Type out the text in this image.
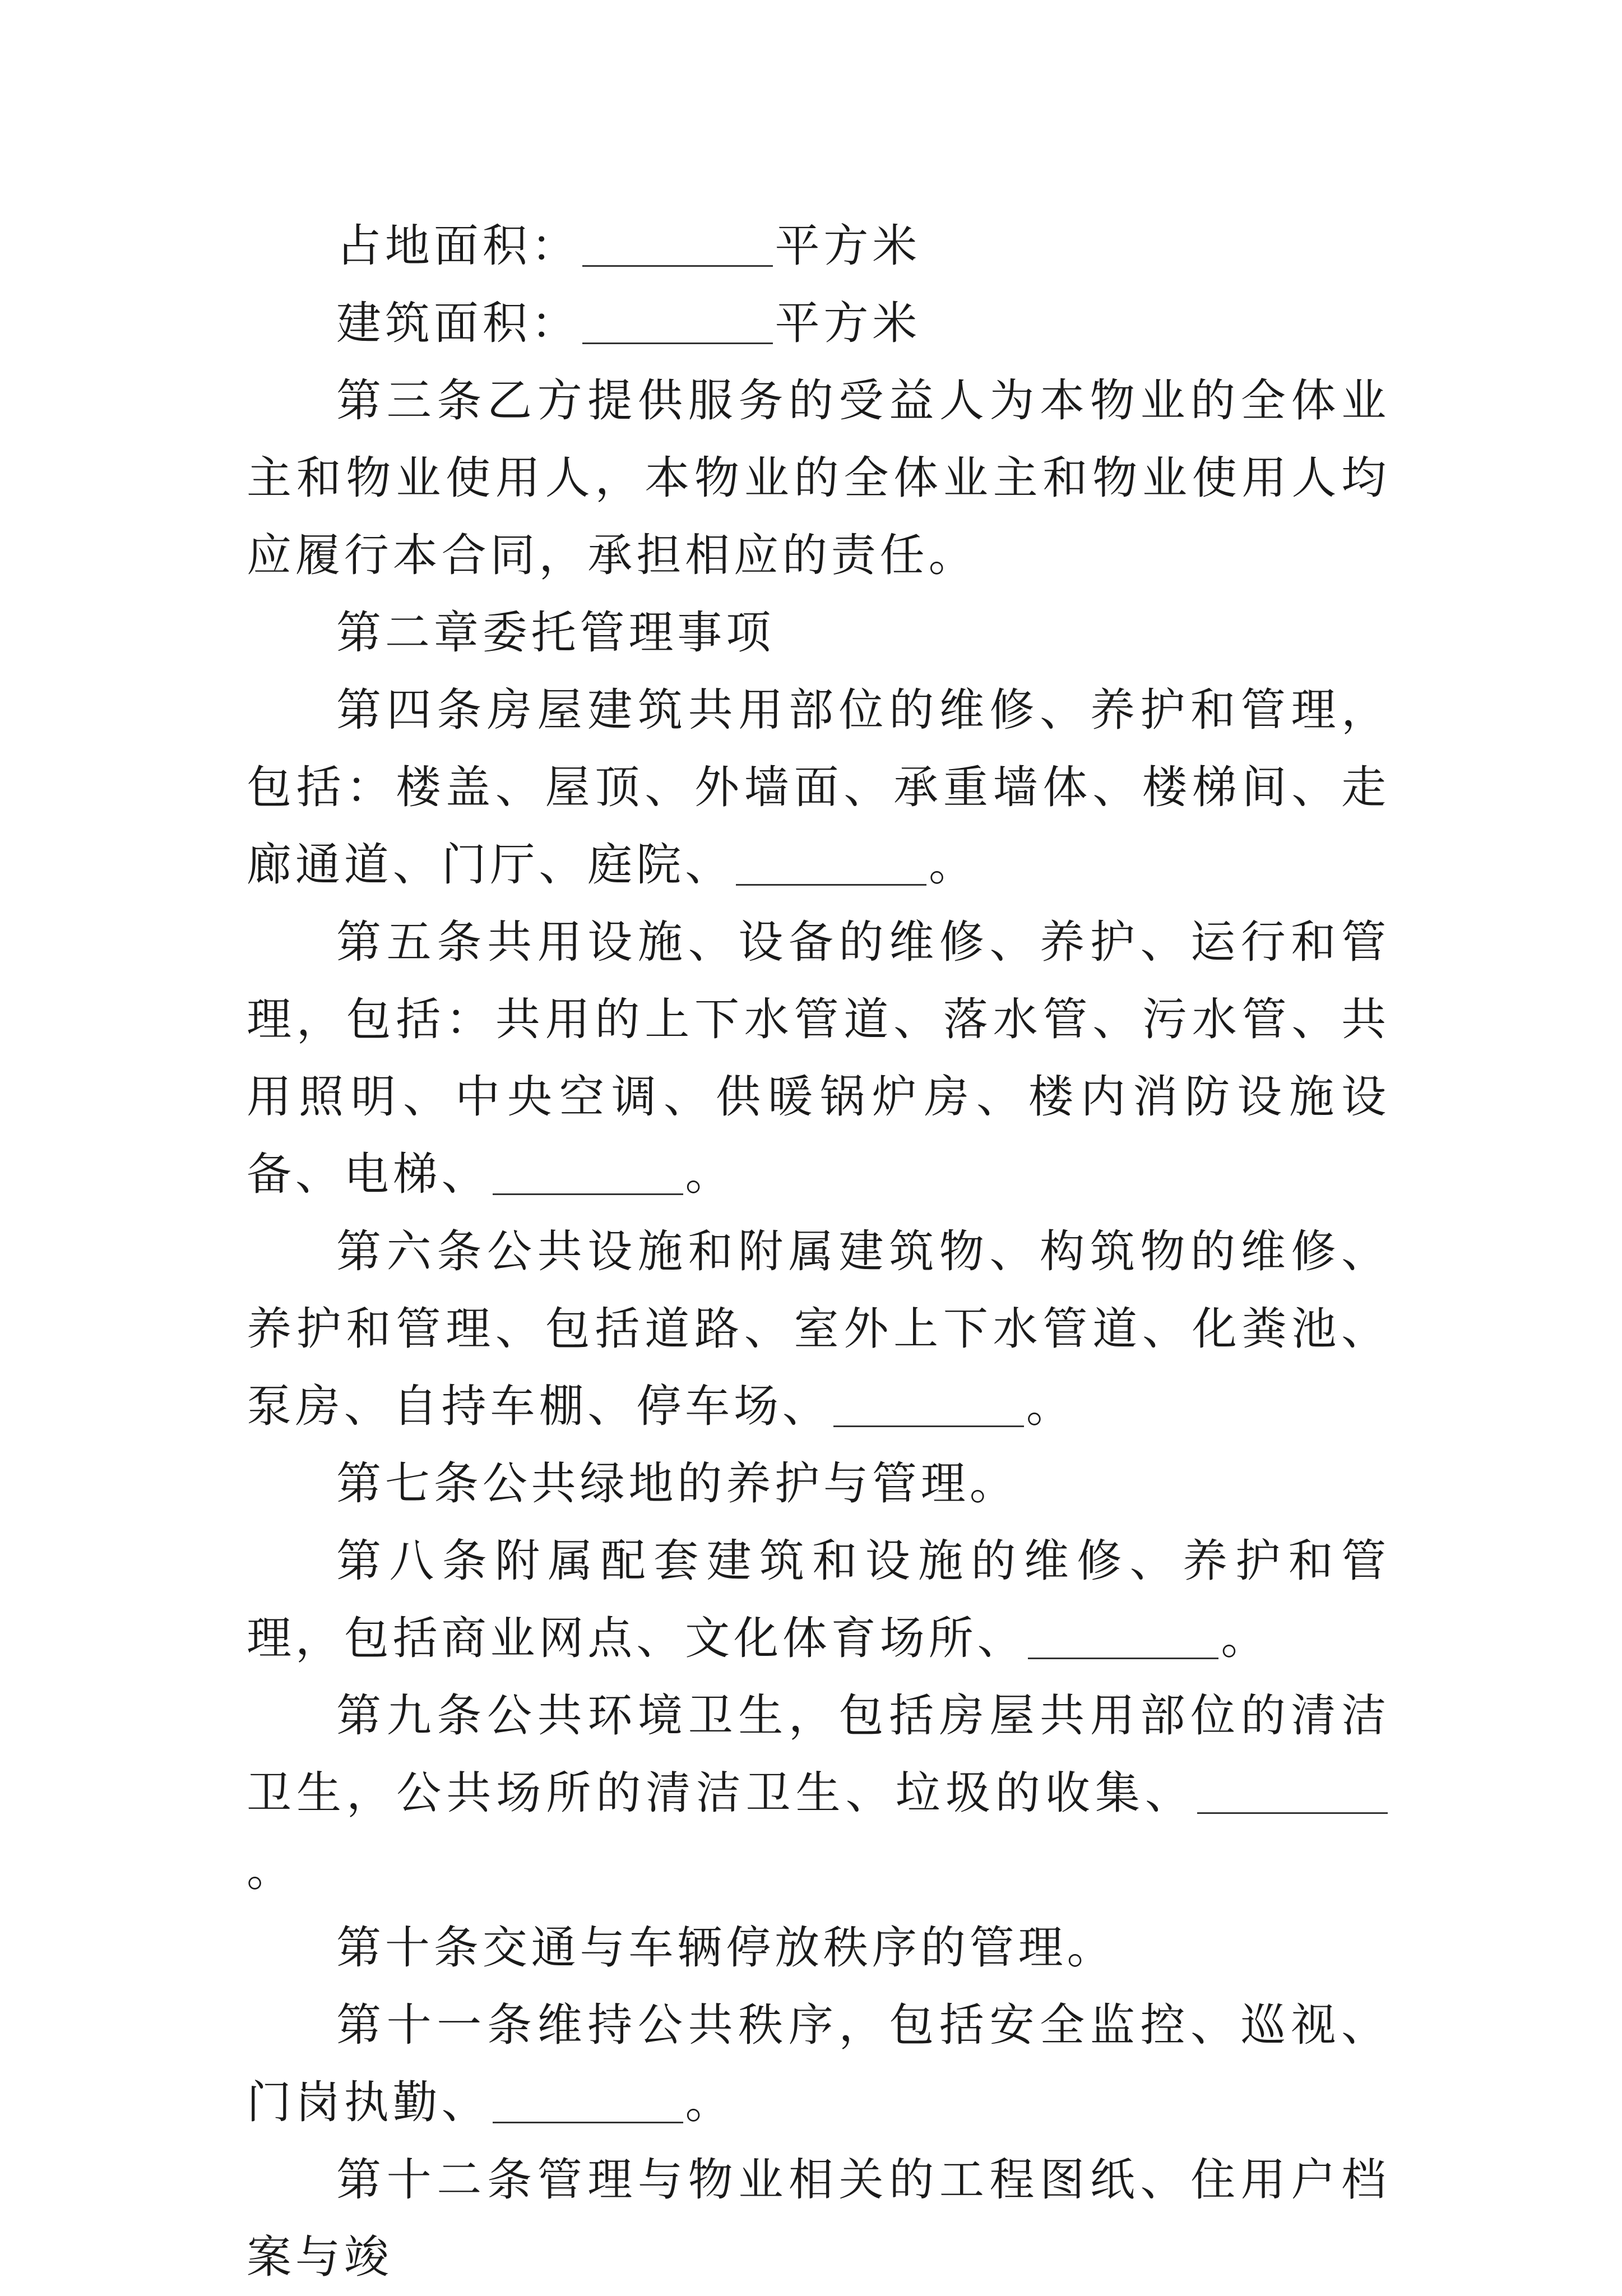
占地面积：	平方米

建筑面积：	平方米

第三条乙方提供服务的受益人为本物业的全体业主和物业使用人，本物业的全体业主和物业使用人均应履行本合同，承担相应的责任。

第二章委托管理事项

第四条房屋建筑共用部位的维修、养护和管理，包括：楼盖、屋顶、外墙面、承重墙体、楼梯间、走廊通道、门厅、庭院、	。

第五条共用设施、设备的维修、养护、运行和管理，包括：共用的上下水管道、落水管、污水管、共用照明、中央空调、供暖锅炉房、楼内消防设施设备、电梯、	。

第六条公共设施和附属建筑物、构筑物的维修、养护和管理、包括道路、室外上下水管道、化粪池、泵房、自持车棚、停车场、	。

第七条公共绿地的养护与管理。

第八条附属配套建筑和设施的维修、养护和管理，包括商业网点、文化体育场所、	。

第九条公共环境卫生，包括房屋共用部位的清洁卫生，公共场所的清洁卫生、垃圾的收集、。

第十条交通与车辆停放秩序的管理。

第十一条维持公共秩序，包括安全监控、巡视、门岗执勤、	。

第十二条管理与物业相关的工程图纸、住用户档案与竣
